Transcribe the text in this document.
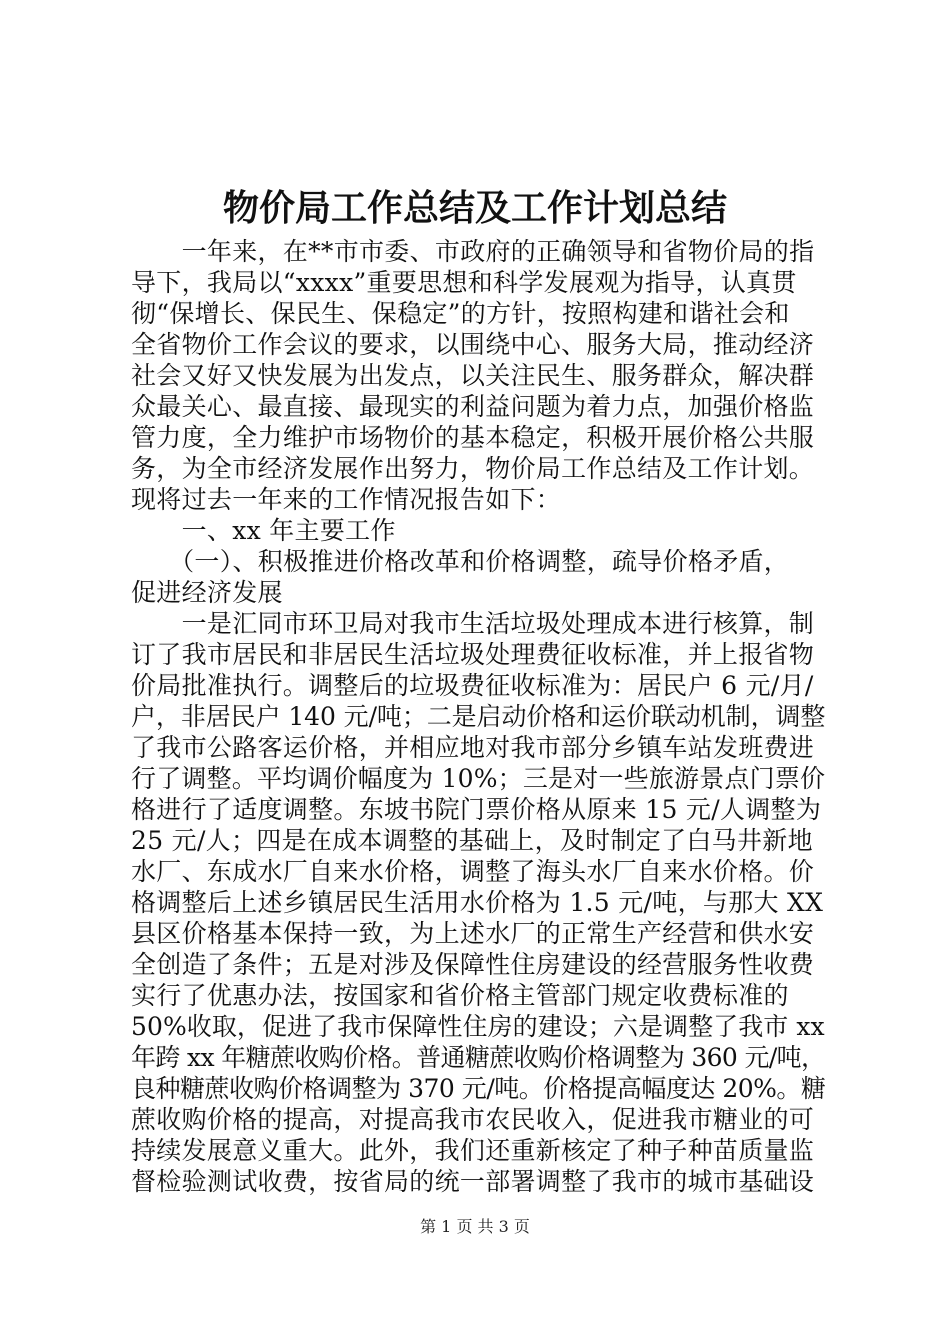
物价局工作总结及工作计划总结
　　一年来，在**市市委、市政府的正确领导和省物价局的指
导下，我局以“xxxx”重要思想和科学发展观为指导，认真贯
彻“保增长、保民生、保稳定”的方针，按照构建和谐社会和
全省物价工作会议的要求，以围绕中心、服务大局，推动经济
社会又好又快发展为出发点，以关注民生、服务群众，解决群
众最关心、最直接、最现实的利益问题为着力点，加强价格监
管力度，全力维护市场物价的基本稳定，积极开展价格公共服
务，为全市经济发展作出努力，物价局工作总结及工作计划。
现将过去一年来的工作情况报告如下：
　　一、xx 年主要工作
　　（一）、积极推进价格改革和价格调整，疏导价格矛盾，
促进经济发展
　　一是汇同市环卫局对我市生活垃圾处理成本进行核算，制
订了我市居民和非居民生活垃圾处理费征收标准，并上报省物
价局批准执行。调整后的垃圾费征收标准为：居民户 6 元/月/
户，非居民户 140 元/吨；二是启动价格和运价联动机制，调整
了我市公路客运价格，并相应地对我市部分乡镇车站发班费进
行了调整。平均调价幅度为 10%；三是对一些旅游景点门票价
格进行了适度调整。东坡书院门票价格从原来 15 元/人调整为
25 元/人；四是在成本调整的基础上，及时制定了白马井新地
水厂、东成水厂自来水价格，调整了海头水厂自来水价格。价
格调整后上述乡镇居民生活用水价格为 1.5 元/吨，与那大 XX
县区价格基本保持一致，为上述水厂的正常生产经营和供水安
全创造了条件；五是对涉及保障性住房建设的经营服务性收费
实行了优惠办法，按国家和省价格主管部门规定收费标准的
50%收取，促进了我市保障性住房的建设；六是调整了我市 xx
年跨 xx 年糖蔗收购价格。普通糖蔗收购价格调整为 360 元/吨，
良种糖蔗收购价格调整为 370 元/吨。价格提高幅度达 20%。糖
蔗收购价格的提高，对提高我市农民收入，促进我市糖业的可
持续发展意义重大。此外，我们还重新核定了种子种苗质量监
督检验测试收费，按省局的统一部署调整了我市的城市基础设
第 1 页 共 3 页
